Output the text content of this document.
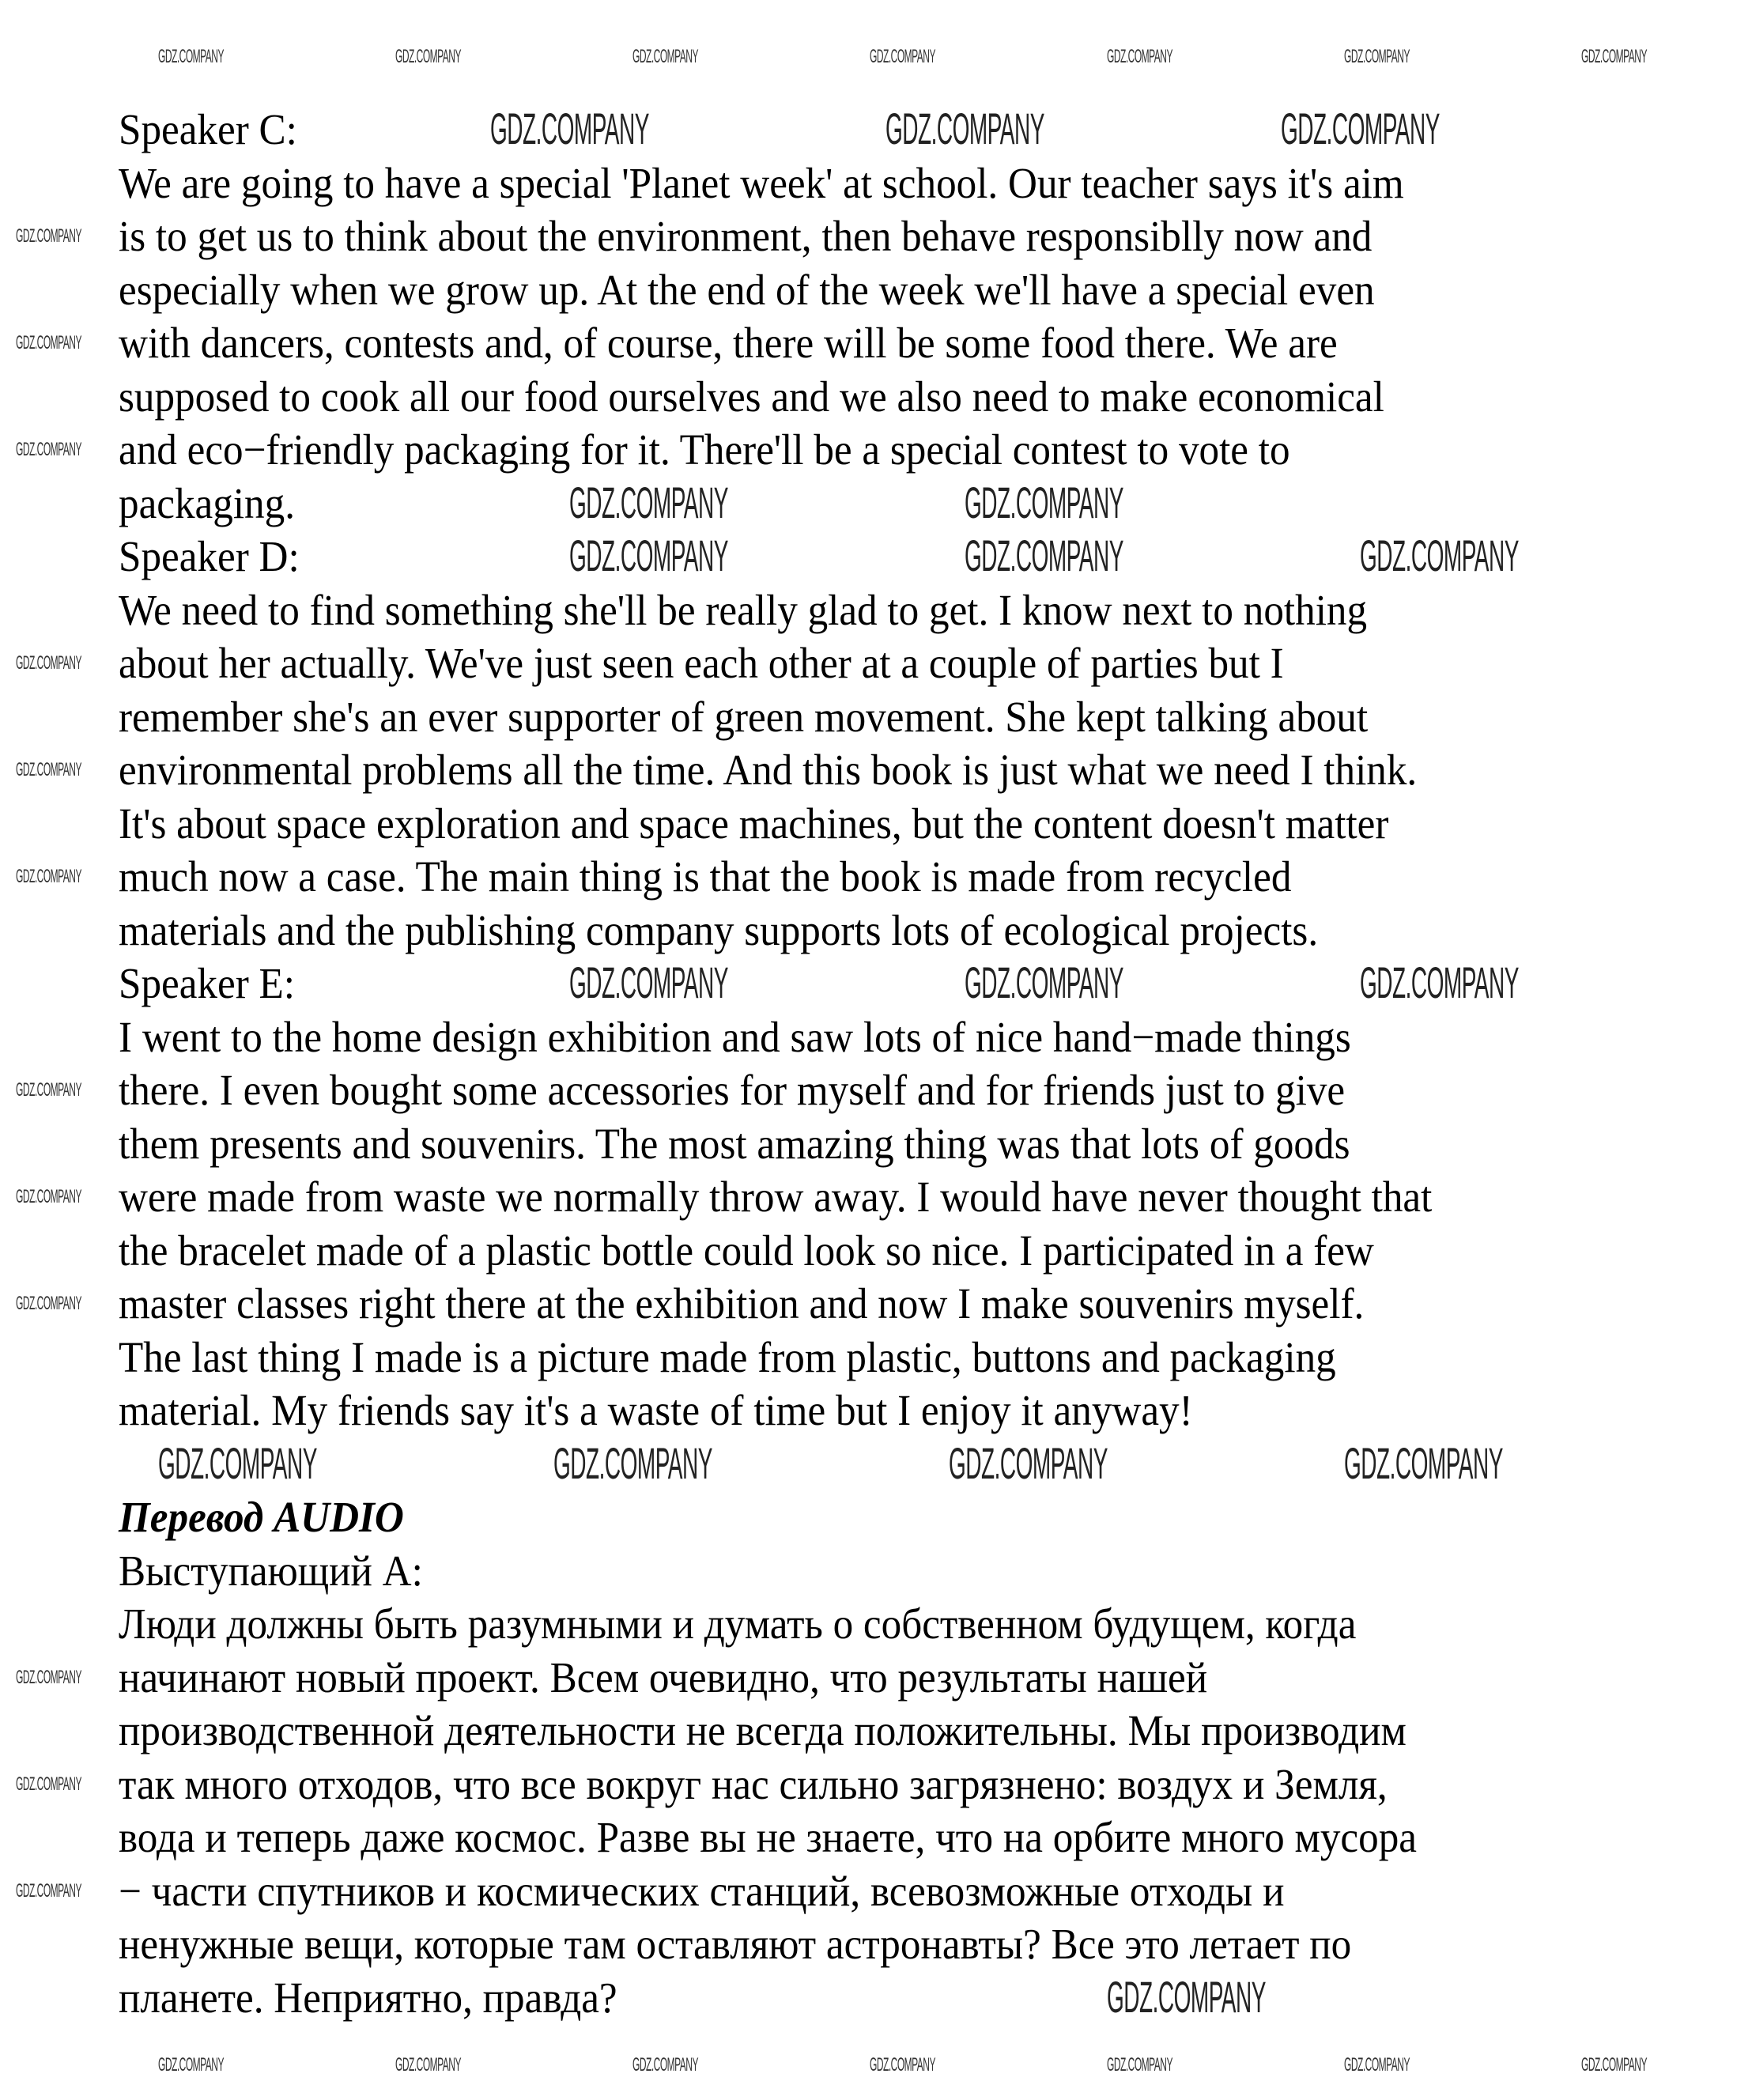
Speaker C:
We are going to have a special 'Planet week' at school. Our teacher says it's aim
is to get us to think about the environment, then behave responsiblly now and
especially when we grow up. At the end of the week we'll have a special even
with dancers, contests and, of course, there will be some food there. We are
supposed to cook all our food ourselves and we also need to make economical
and eco−friendly packaging for it. There'll be a special contest to vote to
packaging.
Speaker D:
We need to find something she'll be really glad to get. I know next to nothing
about her actually. We've just seen each other at a couple of parties but I
remember she's an ever supporter of green movement. She kept talking about
environmental problems all the time. And this book is just what we need I think.
It's about space exploration and space machines, but the content doesn't matter
much now a case. The main thing is that the book is made from recycled
materials and the publishing company supports lots of ecological projects.
Speaker E:
I went to the home design exhibition and saw lots of nice hand−made things
there. I even bought some accessories for myself and for friends just to give
them presents and souvenirs. The most amazing thing was that lots of goods
were made from waste we normally throw away. I would have never thought that
the bracelet made of a plastic bottle could look so nice. I participated in a few
master classes right there at the exhibition and now I make souvenirs myself.
The last thing I made is a picture made from plastic, buttons and packaging
material. My friends say it's a waste of time but I enjoy it anyway!
Перевод AUDIO
Выступающий А:
Люди должны быть разумными и думать о собственном будущем, когда
начинают новый проект. Всем очевидно, что результаты нашей
производственной деятельности не всегда положительны. Мы производим
так много отходов, что все вокруг нас сильно загрязнено: воздух и Земля,
вода и теперь даже космос. Разве вы не знаете, что на орбите много мусора
− части спутников и космических станций, всевозможные отходы и
ненужные вещи, которые там оставляют астронавты? Все это летает по
планете. Неприятно, правда?
GDZ.COMPANY	GDZ.COMPANY	GDZ.COMPANY
GDZ.COMPANY	GDZ.COMPANY
GDZ.COMPANY	GDZ.COMPANY	GDZ.COMPANY
GDZ.COMPANY	GDZ.COMPANY	GDZ.COMPANY
GDZ.COMPANY	GDZ.COMPANY	GDZ.COMPANY	GDZ.COMPANY
GDZ.COMPANY
GDZ.COMPANY	GDZ.COMPANY	GDZ.COMPANY	GDZ.COMPANY	GDZ.COMPANY	GDZ.COMPANY	GDZ.COMPANY
GDZ.COMPANY	GDZ.COMPANY	GDZ.COMPANY	GDZ.COMPANY	GDZ.COMPANY	GDZ.COMPANY	GDZ.COMPANY
GDZ.COMPANY
GDZ.COMPANY
GDZ.COMPANY
GDZ.COMPANY
GDZ.COMPANY
GDZ.COMPANY
GDZ.COMPANY
GDZ.COMPANY
GDZ.COMPANY
GDZ.COMPANY
GDZ.COMPANY
GDZ.COMPANY
